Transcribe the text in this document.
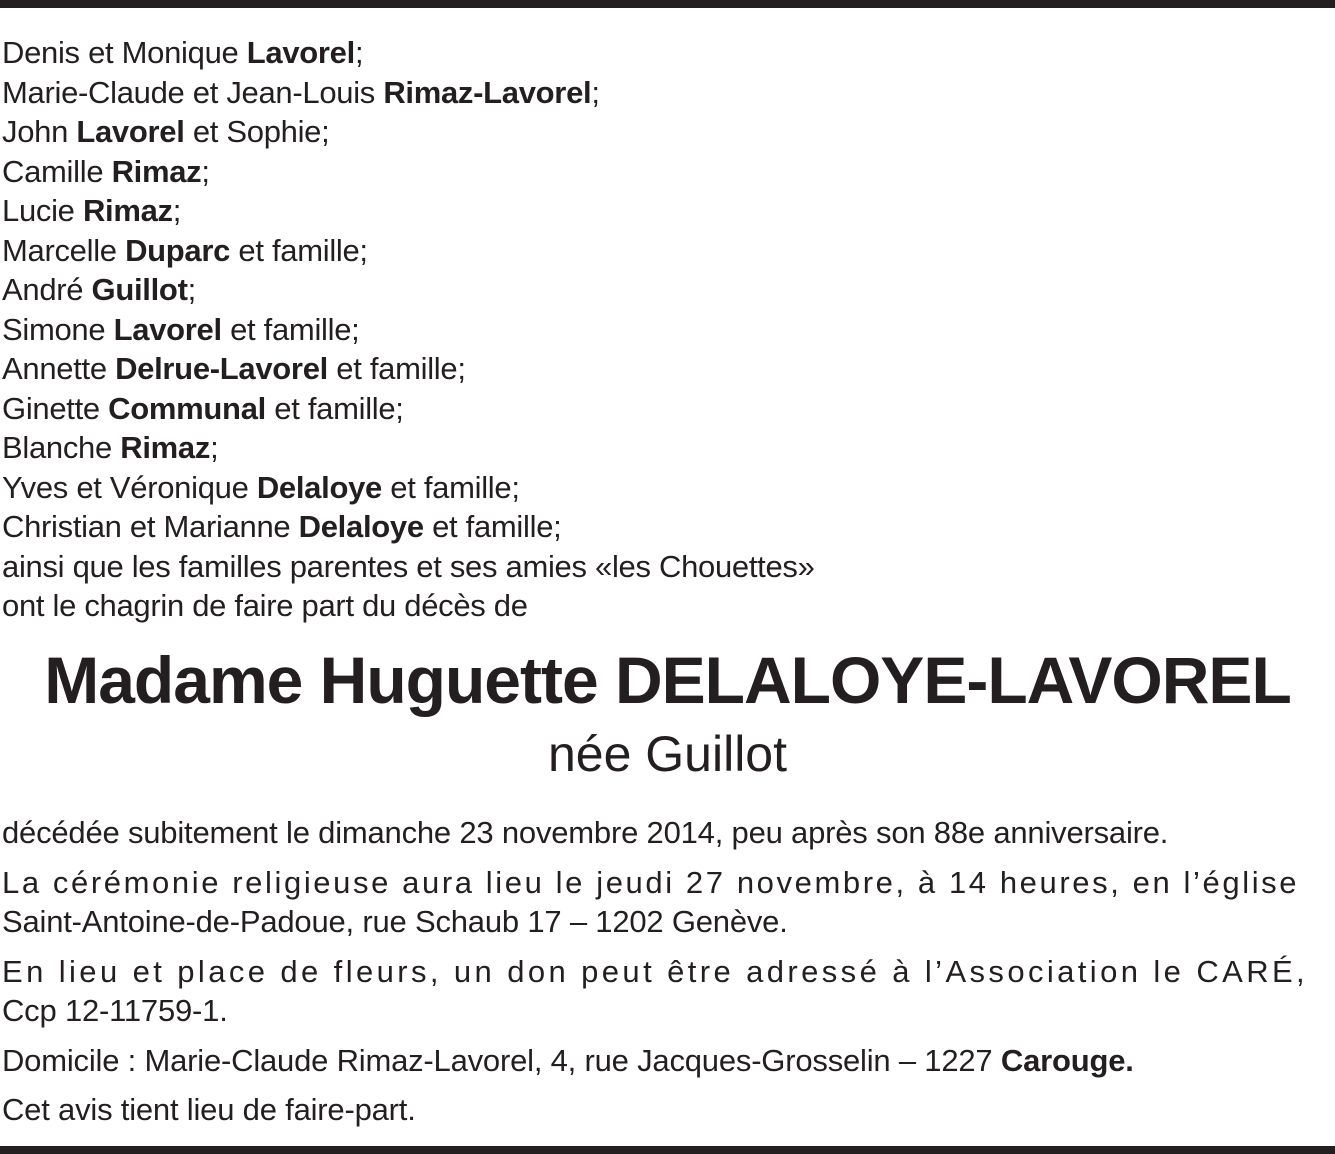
Denis et Monique Lavorel;
Marie-Claude et Jean-Louis Rimaz-Lavorel;
John Lavorel et Sophie;
Camille Rimaz;
Lucie Rimaz;
Marcelle Duparc et famille;
André Guillot;
Simone Lavorel et famille;
Annette Delrue-Lavorel et famille;
Ginette Communal et famille;
Blanche Rimaz;
Yves et Véronique Delaloye et famille;
Christian et Marianne Delaloye et famille;
ainsi que les familles parentes et ses amies «les Chouettes»
ont le chagrin de faire part du décès de
Madame Huguette DELALOYE-LAVOREL
née Guillot

décédée subitement le dimanche 23 novembre 2014, peu après son 88e anniversaire.

La cérémonie religieuse aura lieu le jeudi 27 novembre, à 14 heures, en l’église
Saint-Antoine-de-Padoue, rue Schaub 17 – 1202 Genève.

En lieu et place de fleurs, un don peut être adressé à l’Association le CARÉ,
Ccp 12-11759-1.

Domicile : Marie-Claude Rimaz-Lavorel, 4, rue Jacques-Grosselin – 1227 Carouge.

Cet avis tient lieu de faire-part.
